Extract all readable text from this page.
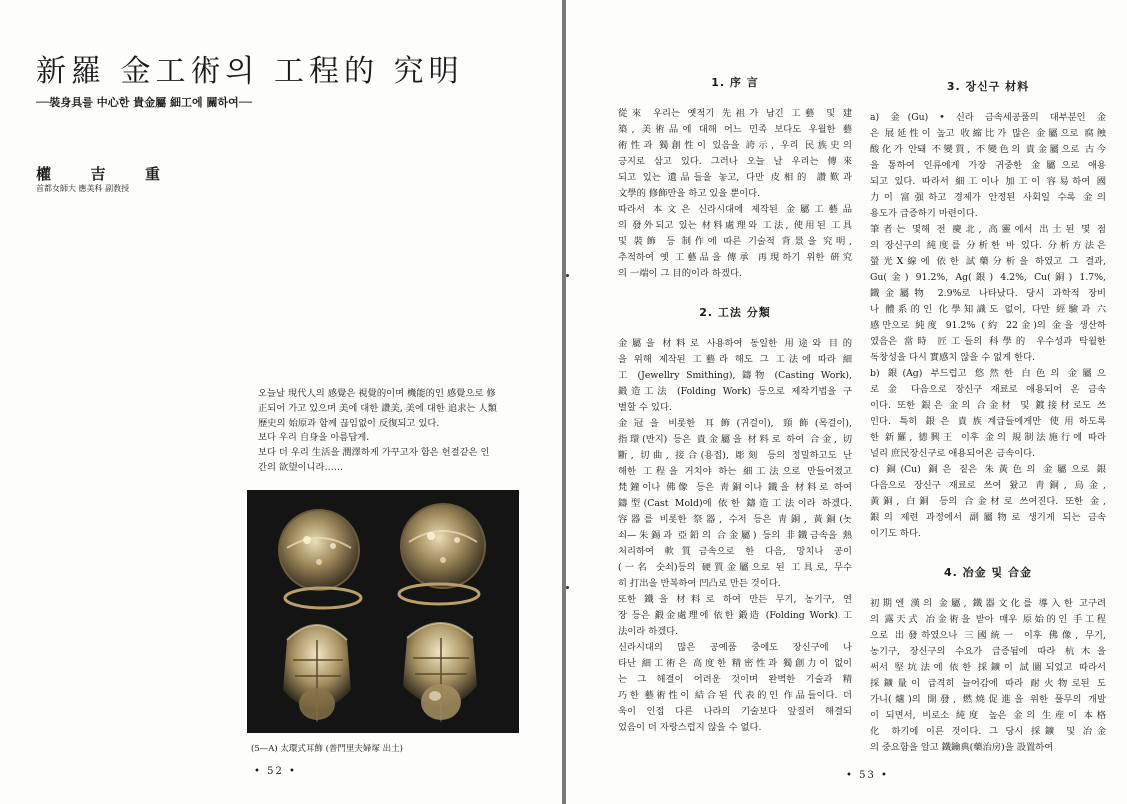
新羅 金工術의 工程的 究明
──裝身具를 中心한 貴金屬 細工에 關하여──
權	吉	重
首都女師大 應美科 副敎授
오늘날 現代人의 感覺은 視覺的이며 機能的인 感覺으로 修
正되어 가고 있으며 美에 대한 讚美, 美에 대한 追求는 人類
歷史의 始原과 함께 끊임없이 反復되고 있다.
보다 우리 自身을 아름답게.
보다 더 우리 生活을 潤澤하게 가꾸고자 함은 헌결같은 인
간의 欲望이니라……
(5—A) 太環式耳飾 (普門里夫婦塚 出土)
• 52 •
1. 序 言
從來 우리는 옛적기 先祖가 남긴 工藝 및 建
築, 美術品에 대해 어느 민족 보다도 우월한 藝
術性과 獨創性이 있음을 誇示, 우리 民族史의
긍지로 삼고 있다. 그러나 오늘 날 우리는 傳來
되고 있는 遺品들을 놓고, 다만 皮相的 讚歎과
文學的 修飾만을 하고 있을 뿐이다.
따라서 本文은 신라시대에 제작된 金屬工藝品
의 發外되고 있는 材料處理와 工法, 使用된 工具
및 裝飾 등 制作에 따른 기술적 背景을 究明,
추적하여 옛 工藝品을 傳承 再現하기 위한 硏究
의 一端이 그 目的이라 하겠다.
2. 工法 分類
金屬을 材料로 사용하여 동일한 用途와 目的
을 위해 제작된 工藝라 해도 그 工法에 따라 細
工 (Jewellry Smithing), 鑄物 (Casting Work),
鍛造工法 (Folding Work) 등으로 제작기법을 구
별할 수 있다.
金冠을 비롯한 耳飾(귀걸이), 頸飾(목걸이),
指環(반지) 등은 貴金屬을 材料로 하여 合金, 切
斷, 切曲, 接合(용접), 彫刻 등의 정밀하고도 난
해한 工程을 거치야 하는 細工法으로 만들어졌고
梵鐘이나 佛像 등은 靑銅이나 鐵을 材料로 하여
鑄型(Cast Mold)에 依한 鑄造工法이라 하겠다.
容器를 비롯한 祭器, 수저 등은 靑銅, 黃銅(놋
쇠—朱錫과 亞鉛의 合金屬) 등의 非鐵금속을 熱
처리하여 軟質금속으로 한 다음, 망치나 공이
(一名 숫쇠)등의 硬質金屬으로 된 工具로, 무수
히 打出을 반복하여 凹凸로 만든 것이다.
또한 鐵을 材料로 하여 만든 무기, 농기구, 연
장 등은 鍛金處理에 依한 鍛造 (Folding Work) 工
法이라 하겠다.
신라시대의 많은 공예품 중에도 장신구에 나
타난 細工術은 高度한 精密性과 獨創力이 없이
는 그 해결이 어려운 것이며 완벽한 기술과 精
巧한 藝術性이 結合된 代表的인 作品들이다. 더
욱이 인접 다른 나라의 기술보다 앞질러 해결되
었음이 더 자랑스럽지 않을 수 없다.
3. 장신구 材料
a) 金(Gu) • 신라 금속세공품의 대부분인 金
은 展延性이 높고 收縮比가 많은 金屬으로 腐蝕
酸化가 안돼 不變質, 不變色의 貴金屬으로 古今
을 통하여 인류에게 가장 귀중한 金屬으로 애용
되고 있다. 따라서 細工이나 加工이 容易하여 國
力이 富强하고 경제가 안정된 사회일 수록 金의
용도가 급증하기 마련이다.
筆者는 몇해 전 慶北, 高靈에서 出土된 몇 점
의 장신구의 純度를 分析한 바 있다. 分析方法은
螢光X線에 依한 試藥分析을 하였고 그 결과,
Gu(金) 91.2%, Ag(銀) 4.2%, Cu(銅) 1.7%,
鐵金屬物 2.9%로 나타났다. 당시 과학적 장비
나 體系的인 化學知識도 없이, 다만 經驗과 六
感만으로 純度 91.2% (約 22金)의 金을 생산하
였음은 當時 匠工들의 科學的 우수성과 탁월한
독창성을 다시 實感치 않을 수 없게 한다.
b) 銀(Ag) 부드럽고 悠然한 白色의 金屬으
로 金 다음으로 장신구 재료로 애용되어 온 금속
이다. 또한 銀은 金의 合金材 및 鍍接材로도 쓰
인다. 특히 銀은 貴族계급들에게만 使用하도록
한 新羅, 德興王 이후 金의 規制法施行에 따라
널리 庶民장신구로 애용되어온 금속이다.
c) 銅(Cu) 銅은 짙은 朱黃色의 金屬으로 銀
다음으로 장신구 재료로 쓰여 왔고 靑銅, 烏金,
黃銅, 白銅 등의 合金材로 쓰여진다. 또한 金,
銀의 제련 과정에서 副屬物로 생기게 되는 금속
이기도 하다.
4. 冶金 및 合金
初期엔 漢의 金屬, 鐵器文化를 導入한 고구려
의 露天式 冶金術을 받아 매우 原始的인 手工程
으로 出發하였으나 三國統一 이후 佛像, 무기,
농기구, 장신구의 수요가 급증됨에 따라 杭木을
써서 堅坑法에 依한 採鑛이 試圖되었고 따라서
採鑛量이 급격히 늘어감에 따라 耐火物로된 도
가니(爐)의 開發, 燃燒促進을 위한 풀무의 개발
이 되면서, 비로소 純度 높은 金의 生産이 本格
化 하기에 이른 것이다. 그 당시 採鑛 및 冶金
의 중요함을 알고 鐵鑰典(藥治房)을 設置하여
• 53 •
